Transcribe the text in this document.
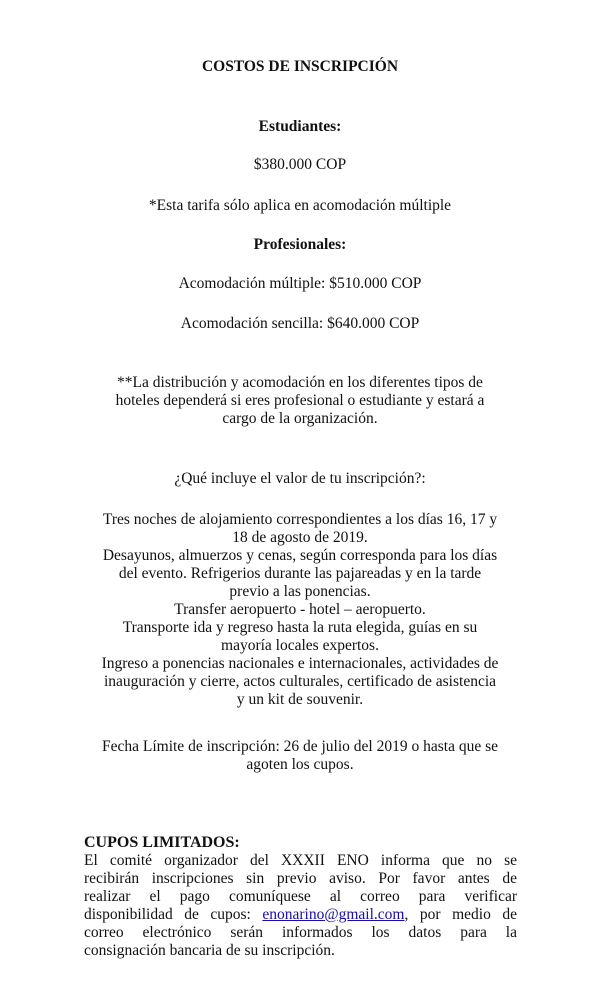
COSTOS DE INSCRIPCIÓN
Estudiantes:
$380.000 COP
*Esta tarifa sólo aplica en acomodación múltiple
Profesionales:
Acomodación múltiple: $510.000 COP
Acomodación sencilla: $640.000 COP
**La distribución y acomodación en los diferentes tipos de
hoteles dependerá si eres profesional o estudiante y estará a
cargo de la organización.
¿Qué incluye el valor de tu inscripción?:
Tres noches de alojamiento correspondientes a los días 16, 17 y
18 de agosto de 2019.
Desayunos, almuerzos y cenas, según corresponda para los días
del evento. Refrigerios durante las pajareadas y en la tarde
previo a las ponencias.
Transfer aeropuerto - hotel – aeropuerto.
Transporte ida y regreso hasta la ruta elegida, guías en su
mayoría locales expertos.
Ingreso a ponencias nacionales e internacionales, actividades de
inauguración y cierre, actos culturales, certificado de asistencia
y un kit de souvenir.
Fecha Límite de inscripción: 26 de julio del 2019 o hasta que se
agoten los cupos.
CUPOS LIMITADOS:
El comité organizador del XXXII ENO informa que no se
recibirán inscripciones sin previo aviso. Por favor antes de
realizar el pago comuníquese al correo para verificar
disponibilidad de cupos: enonarino@gmail.com, por medio de
correo electrónico serán informados los datos para la
consignación bancaria de su inscripción.
